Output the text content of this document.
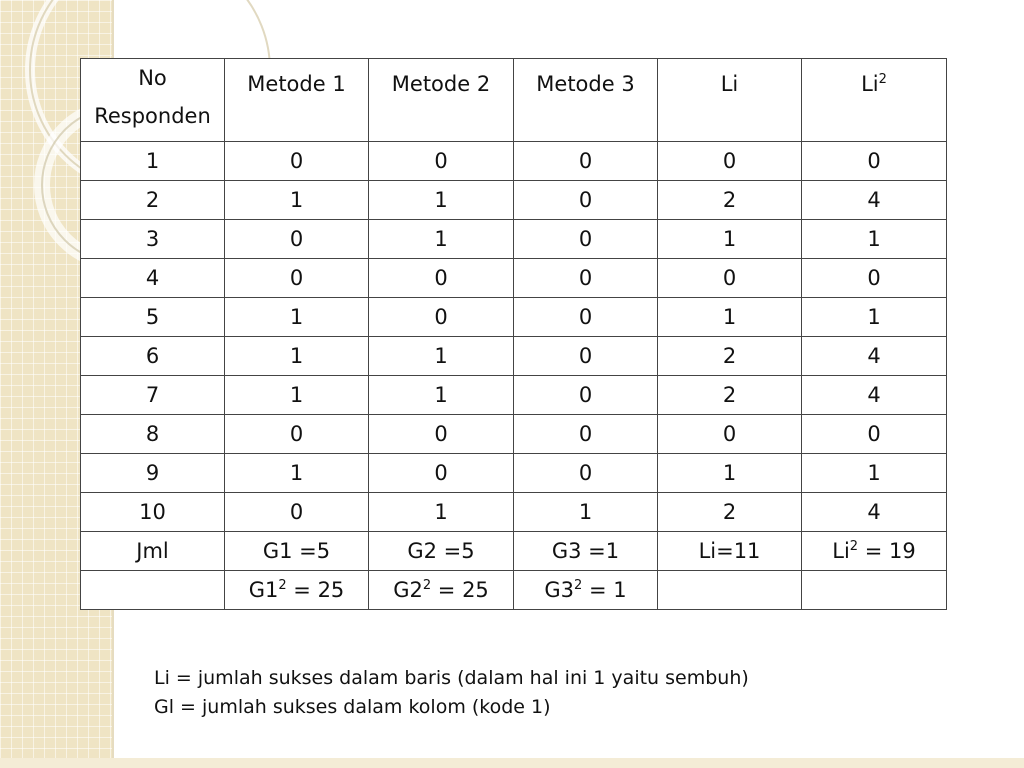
No
Responden	Metode 1	Metode 2	Metode 3	Li	Li$^2$
1	0	0	0	0	0
2	1	1	0	2	4
3	0	1	0	1	1
4	0	0	0	0	0
5	1	0	0	1	1
6	1	1	0	2	4
7	1	1	0	2	4
8	0	0	0	0	0
9	1	0	0	1	1
10	0	1	1	2	4
Jml	G1 =5	G2 =5	G3 =1	Li=11	$Li^2 = 19$
	$G1^2 = 25$	$G2^2 = 25$	$G3^2 = 1$		
Li = jumlah sukses dalam baris (dalam hal ini 1 yaitu sembuh)
Gl = jumlah sukses dalam kolom (kode 1)
